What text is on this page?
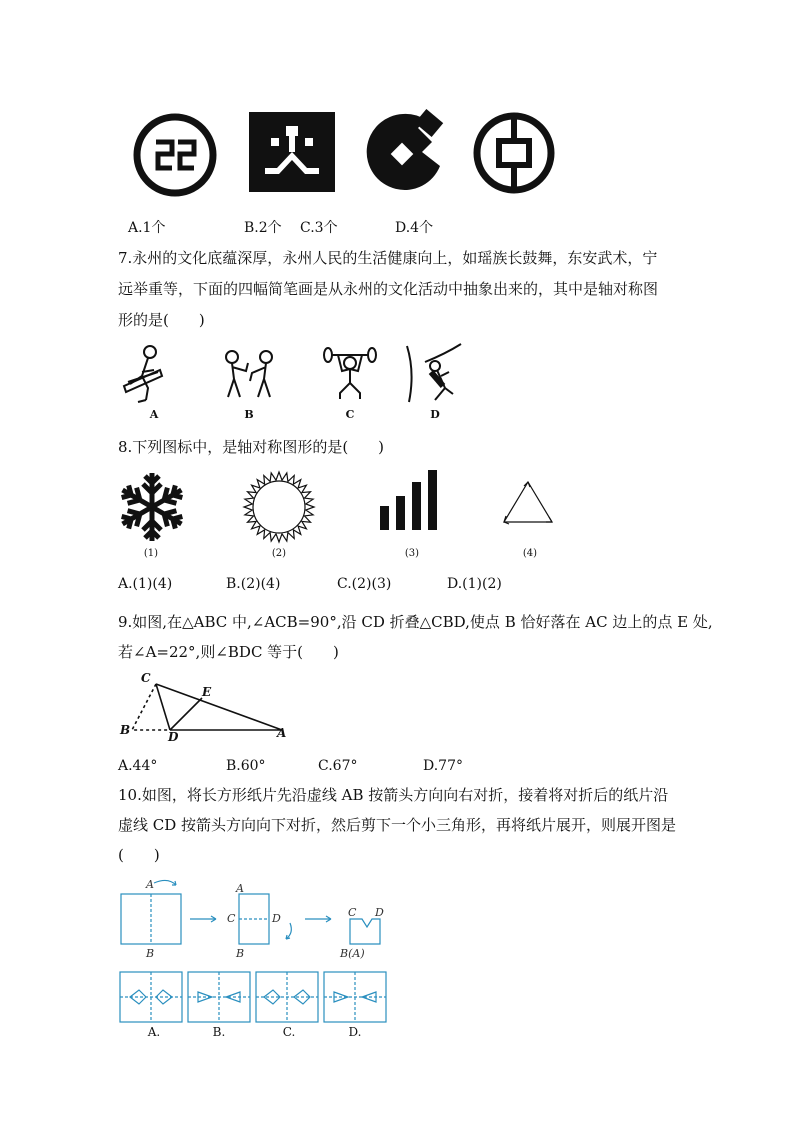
A.1个	B.2个 C.3个	D.4个
7.永州的文化底蕴深厚，永州人民的生活健康向上，如瑶族长鼓舞，东安武术，宁
远举重等，下面的四幅简笔画是从永州的文化活动中抽象出来的，其中是轴对称图
形的是(　　)
A	B	C	D
8.下列图标中，是轴对称图形的是(　　)
(1)	(2)	(3)	(4)
A.(1)(4)	B.(2)(4)	C.(2)(3)	D.(1)(2)
9.如图,在△ABC 中,∠ACB=90°,沿 CD 折叠△CBD,使点 B 恰好落在 AC 边上的点 E 处,
若∠A=22°,则∠BDC 等于(　　)
C
E
B	D	A
A.44°	B.60°	C.67°	D.77°
10.如图，将长方形纸片先沿虚线 AB 按箭头方向向右对折，接着将对折后的纸片沿
虚线 CD 按箭头方向向下对折，然后剪下一个小三角形，再将纸片展开，则展开图是
(　　)
A
B
A
C	D
B
C D
B(A)
A.	B.	C.	D.
